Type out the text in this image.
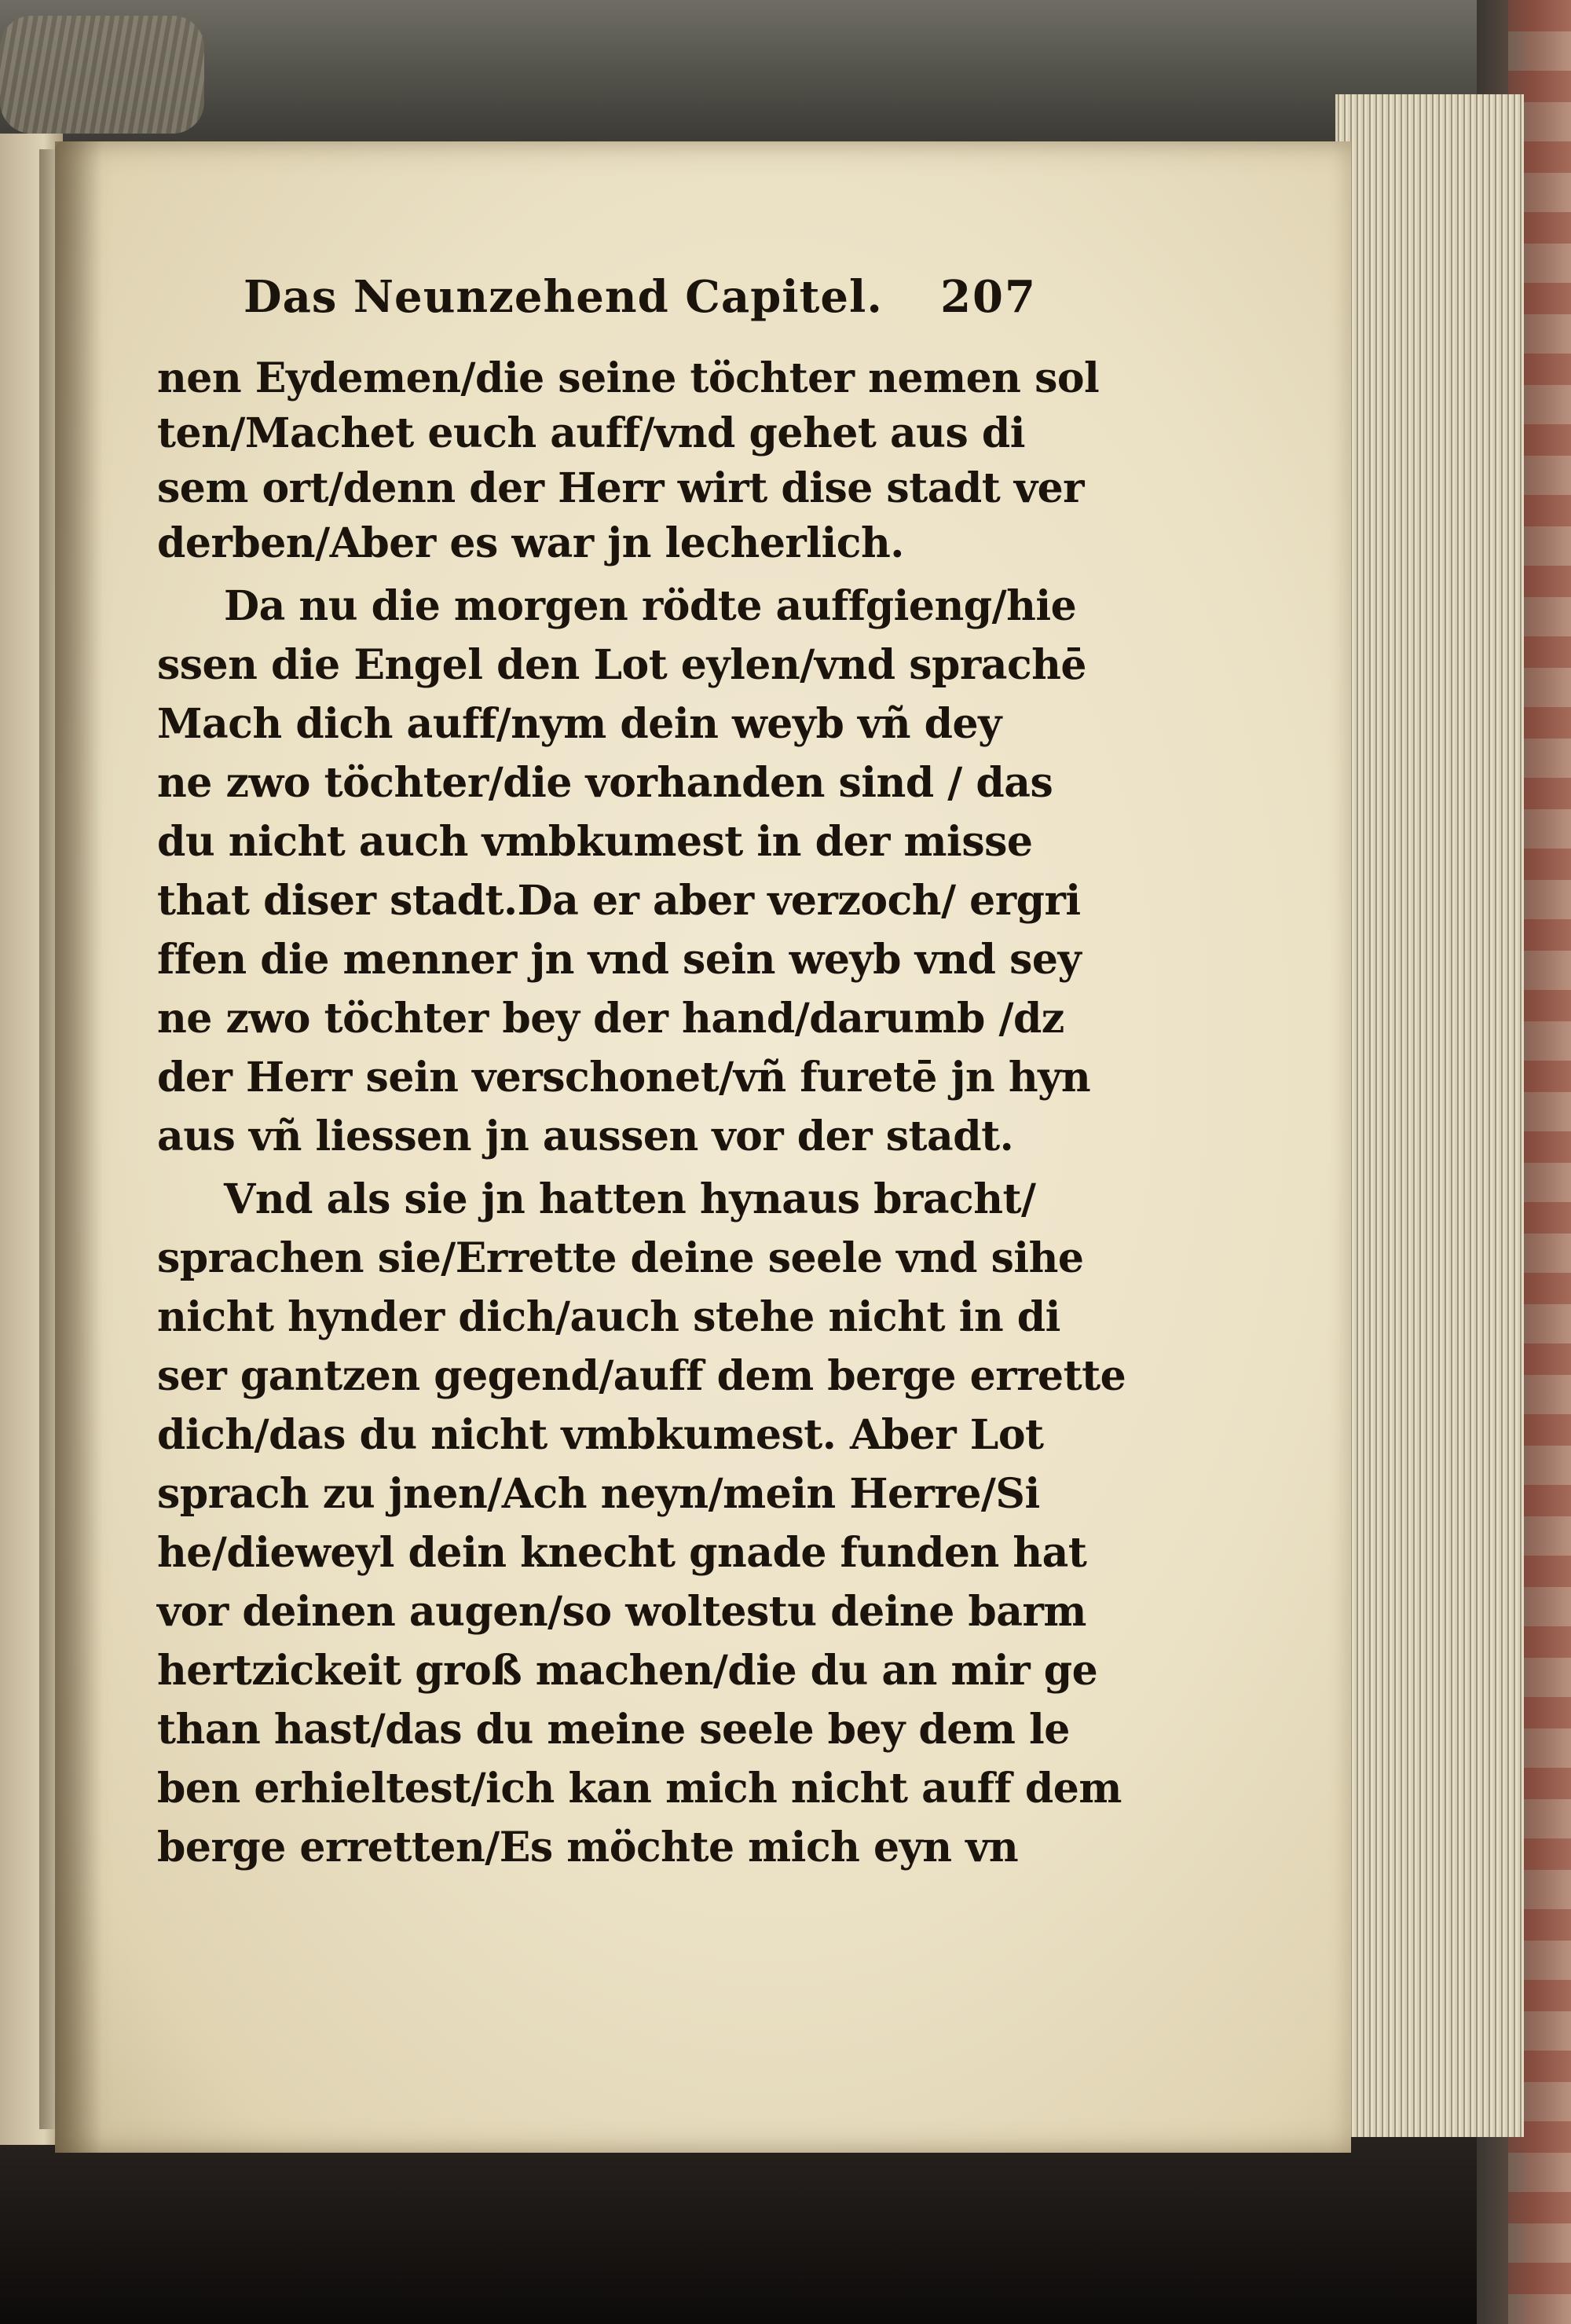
Das Neunzehend Capitel. 207
nen Eydemen/die seine töchter nemen sol
ten/Machet euch auff/vnd gehet aus di
sem ort/denn der Herr wirt dise stadt ver
derben/Aber es war jn lecherlich.
Da nu die morgen rödte auffgieng/hie
ssen die Engel den Lot eylen/vnd sprachē
Mach dich auff/nym dein weyb vñ dey
ne zwo töchter/die vorhanden sind / das
du nicht auch vmbkumest in der misse
that diser stadt.Da er aber verzoch/ ergri
ffen die menner jn vnd sein weyb vnd sey
ne zwo töchter bey der hand/darumb /dz
der Herr sein verschonet/vñ furetē jn hyn
aus vñ liessen jn aussen vor der stadt.
Vnd als sie jn hatten hynaus bracht/
sprachen sie/Errette deine seele vnd sihe
nicht hynder dich/auch stehe nicht in di
ser gantzen gegend/auff dem berge errette
dich/das du nicht vmbkumest. Aber Lot
sprach zu jnen/Ach neyn/mein Herre/Si
he/dieweyl dein knecht gnade funden hat
vor deinen augen/so woltestu deine barm
hertzickeit groß machen/die du an mir ge
than hast/das du meine seele bey dem le
ben erhieltest/ich kan mich nicht auff dem
berge erretten/Es möchte mich eyn vn
